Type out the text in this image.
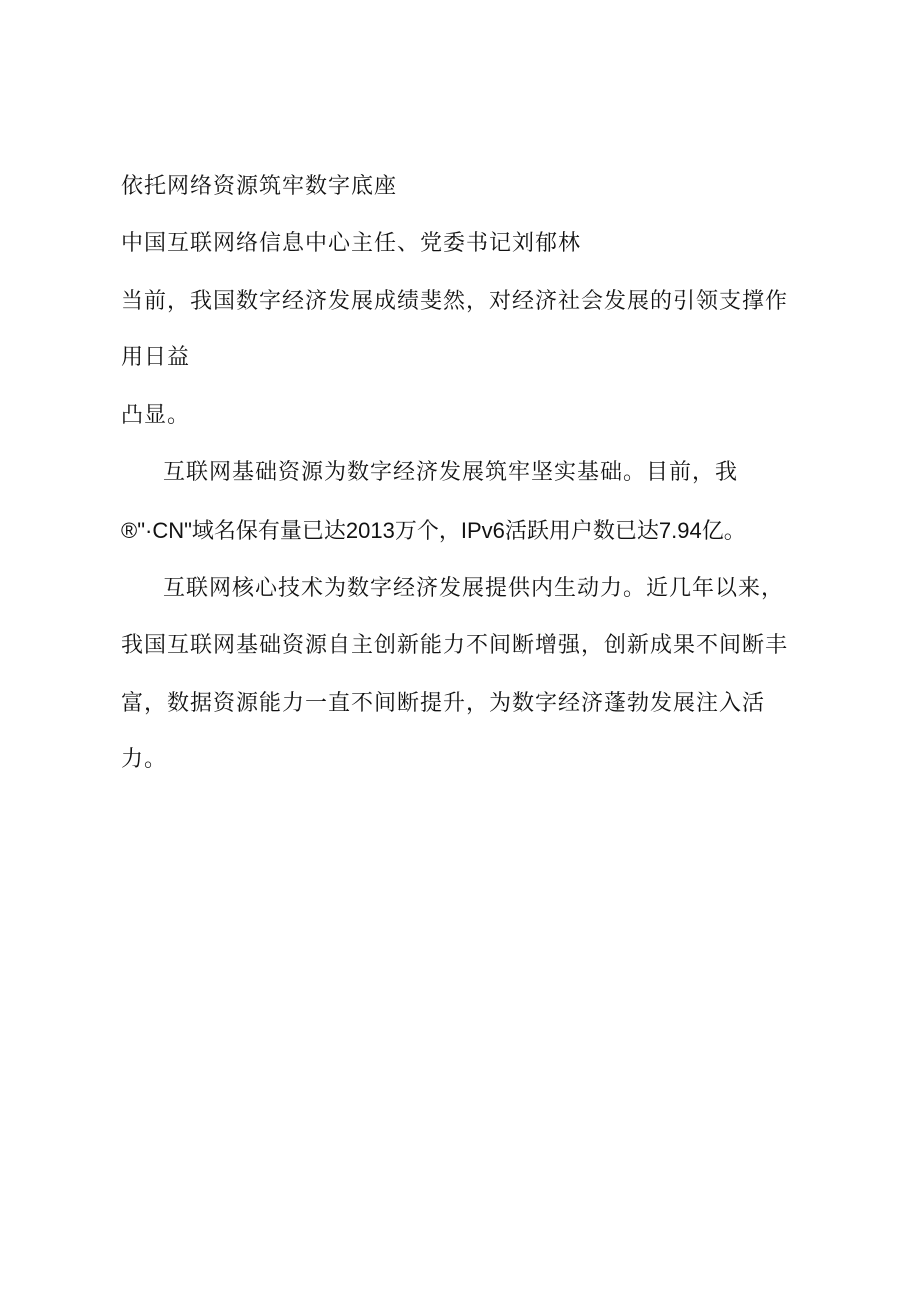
依托网络资源筑牢数字底座
中国互联网络信息中心主任、党委书记刘郁林
当前，我国数字经济发展成绩斐然，对经济社会发展的引领支撑作
用日益
凸显。
互联网基础资源为数字经济发展筑牢坚实基础。目前，我
®"·CN"域名保有量已达2013万个，IPv6活跃用户数已达7.94亿。
互联网核心技术为数字经济发展提供内生动力。近几年以来，
我国互联网基础资源自主创新能力不间断增强，创新成果不间断丰
富，数据资源能力一直不间断提升，为数字经济蓬勃发展注入活
力。
